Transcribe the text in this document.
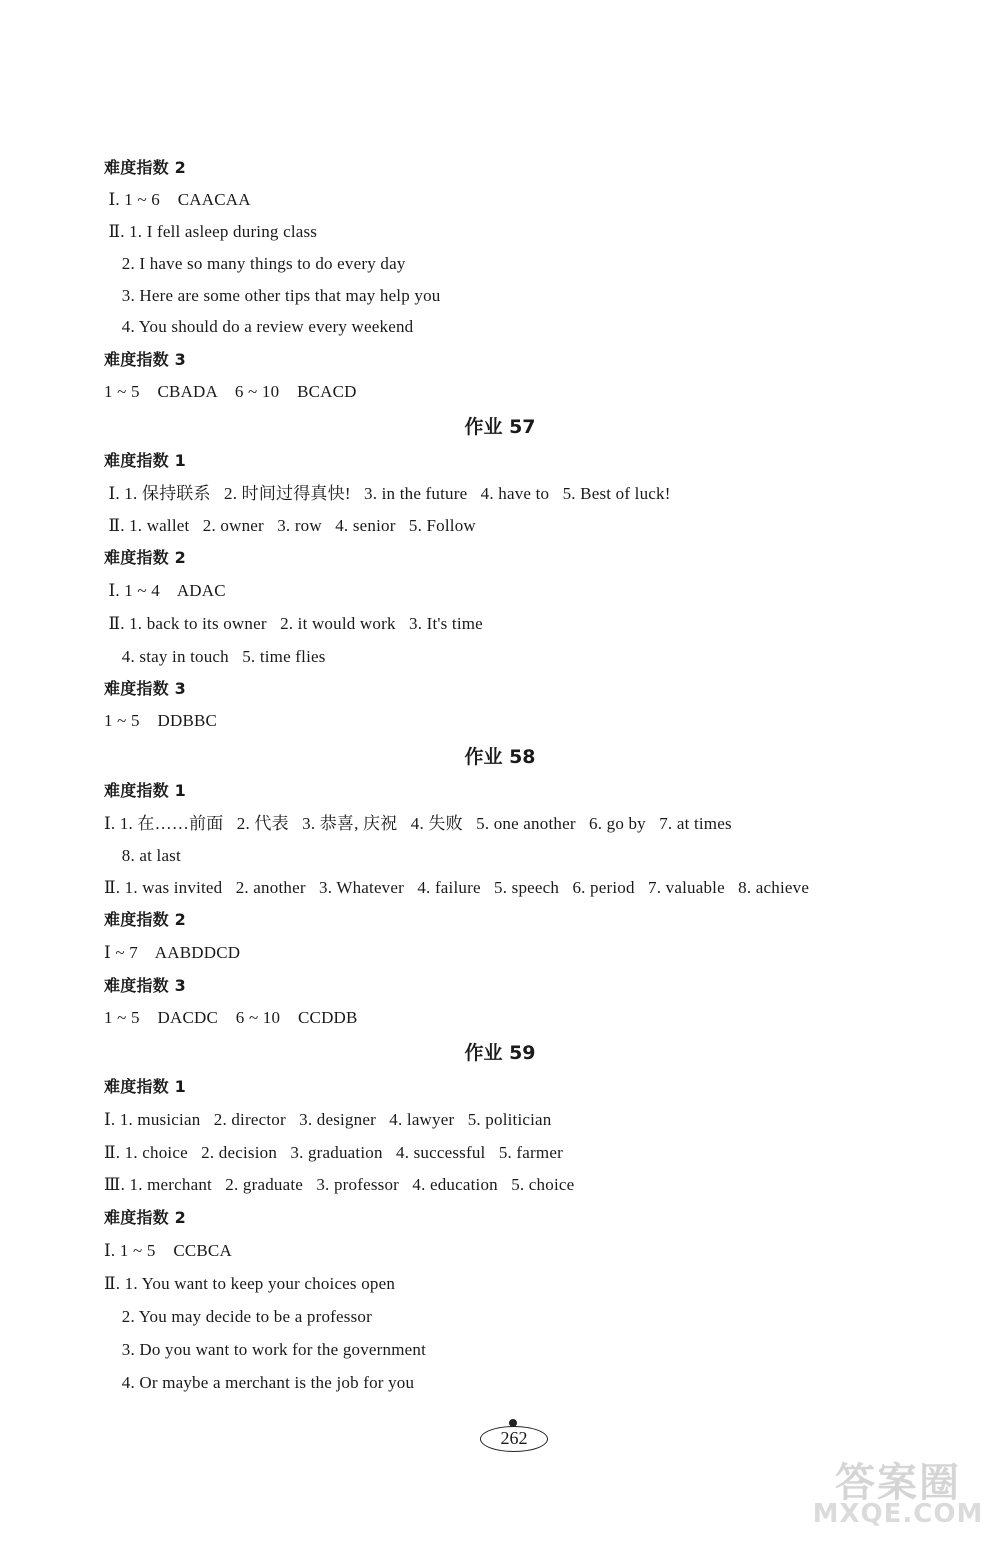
难度指数 2
Ⅰ. 1 ~ 6    CAACAA
Ⅱ. 1. I fell asleep during class
2. I have so many things to do every day
3. Here are some other tips that may help you
4. You should do a review every weekend
难度指数 3
1 ~ 5    CBADA    6 ~ 10    BCACD
作业 57
难度指数 1
Ⅰ. 1. 保持联系   2. 时间过得真快!   3. in the future   4. have to   5. Best of luck!
Ⅱ. 1. wallet   2. owner   3. row   4. senior   5. Follow
难度指数 2
Ⅰ. 1 ~ 4    ADAC
Ⅱ. 1. back to its owner   2. it would work   3. It's time
4. stay in touch   5. time flies
难度指数 3
1 ~ 5    DDBBC
作业 58
难度指数 1
Ⅰ. 1. 在……前面   2. 代表   3. 恭喜, 庆祝   4. 失败   5. one another   6. go by   7. at times
8. at last
Ⅱ. 1. was invited   2. another   3. Whatever   4. failure   5. speech   6. period   7. valuable   8. achieve
难度指数 2
Ⅰ ~ 7    AABDDCD
难度指数 3
1 ~ 5    DACDC    6 ~ 10    CCDDB
作业 59
难度指数 1
Ⅰ. 1. musician   2. director   3. designer   4. lawyer   5. politician
Ⅱ. 1. choice   2. decision   3. graduation   4. successful   5. farmer
Ⅲ. 1. merchant   2. graduate   3. professor   4. education   5. choice
难度指数 2
Ⅰ. 1 ~ 5    CCBCA
Ⅱ. 1. You want to keep your choices open
2. You may decide to be a professor
3. Do you want to work for the government
4. Or maybe a merchant is the job for you
262
答案圈
MXQE.COM
